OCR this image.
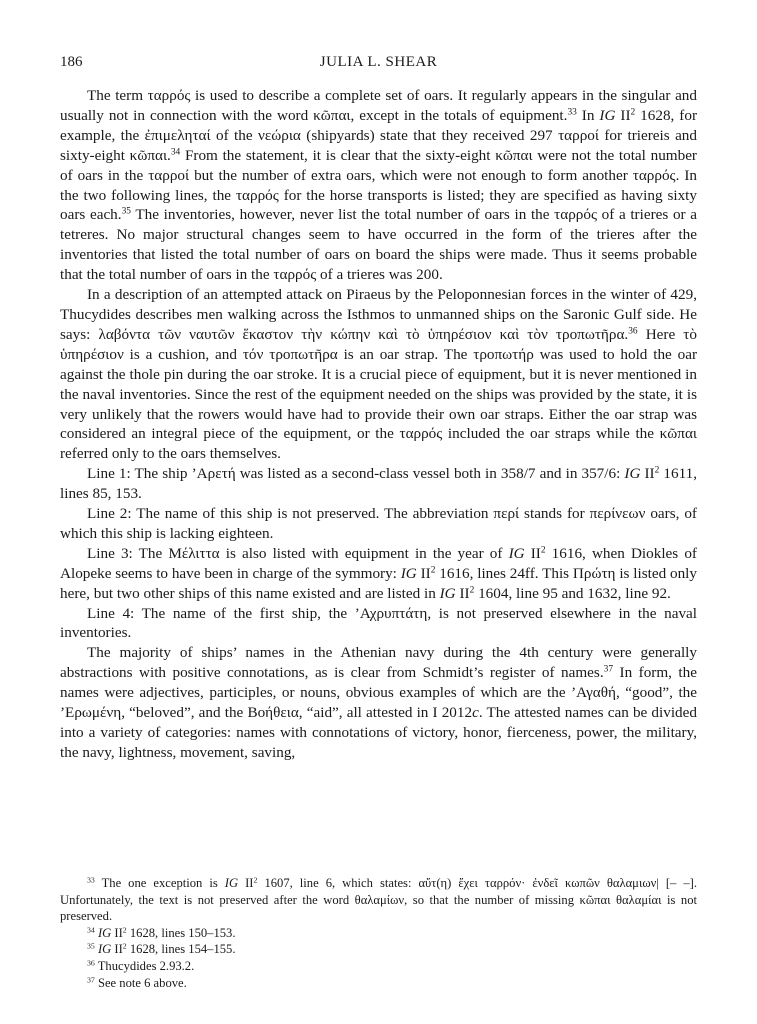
186	JULIA L. SHEAR

The term ταρρός is used to describe a complete set of oars. It regularly appears in the singular and usually not in connection with the word κῶπαι, except in the totals of equipment.$^{33}$ In IG $II^2$ 1628, for example, the ἐπιμεληταί of the νεώρια (shipyards) state that they received 297 ταρροί for triereis and sixty-eight κῶπαι.$^{34}$ From the statement, it is clear that the sixty-eight κῶπαι were not the total number of oars in the ταρροί but the number of extra oars, which were not enough to form another ταρρός. In the two following lines, the ταρρός for the horse transports is listed; they are specified as having sixty oars each.$^{35}$ The inventories, however, never list the total number of oars in the ταρρός of a trieres or a tetreres. No major structural changes seem to have occurred in the form of the trieres after the inventories that listed the total number of oars on board the ships were made. Thus it seems probable that the total number of oars in the ταρρός of a trieres was 200.

In a description of an attempted attack on Piraeus by the Peloponnesian forces in the winter of 429, Thucydides describes men walking across the Isthmos to unmanned ships on the Saronic Gulf side. He says: λαβόντα τῶν ναυτῶν ἕκαστον τὴν κώπην καὶ τὸ ὑπηρέσιον καὶ τὸν τροπωτῆρα.$^{36}$ Here τὸ ὑπηρέσιον is a cushion, and τόν τροπωτῆρα is an oar strap. The τροπωτήρ was used to hold the oar against the thole pin during the oar stroke. It is a crucial piece of equipment, but it is never mentioned in the naval inventories. Since the rest of the equipment needed on the ships was provided by the state, it is very unlikely that the rowers would have had to provide their own oar straps. Either the oar strap was considered an integral piece of the equipment, or the ταρρός included the oar straps while the κῶπαι referred only to the oars themselves.

Line 1: The ship ’Αρετή was listed as a second-class vessel both in 358/7 and in 357/6: IG $II^2$ 1611, lines 85, 153.

Line 2: The name of this ship is not preserved. The abbreviation περί stands for περίνεων oars, of which this ship is lacking eighteen.

Line 3: The Μέλιττα is also listed with equipment in the year of IG $II^2$ 1616, when Diokles of Alopeke seems to have been in charge of the symmory: IG $II^2$ 1616, lines 24ff. This Πρώτη is listed only here, but two other ships of this name existed and are listed in IG $II^2$ 1604, line 95 and 1632, line 92.

Line 4: The name of the first ship, the ’Αχρυπτάτη, is not preserved elsewhere in the naval inventories.

The majority of ships’ names in the Athenian navy during the 4th century were generally abstractions with positive connotations, as is clear from Schmidt’s register of names.$^{37}$ In form, the names were adjectives, participles, or nouns, obvious examples of which are the ’Αγαθή, “good”, the ’Ερωμένη, “beloved”, and the Βοήθεια, “aid”, all attested in I 2012c. The attested names can be divided into a variety of categories: names with connotations of victory, honor, fierceness, power, the military, the navy, lightness, movement, saving,

$^{33}$ The one exception is IG $II^2$ 1607, line 6, which states: αὔτ(η) ἔχει ταρρόν· ἐνδεῖ κωπῶν θαλαμιων| [– –]. Unfortunately, the text is not preserved after the word θαλαμίων, so that the number of missing κῶπαι θαλαμίαι is not preserved.

$^{34}$ IG $II^2$ 1628, lines 150–153.

$^{35}$ IG $II^2$ 1628, lines 154–155.

$^{36}$ Thucydides 2.93.2.

$^{37}$ See note 6 above.
